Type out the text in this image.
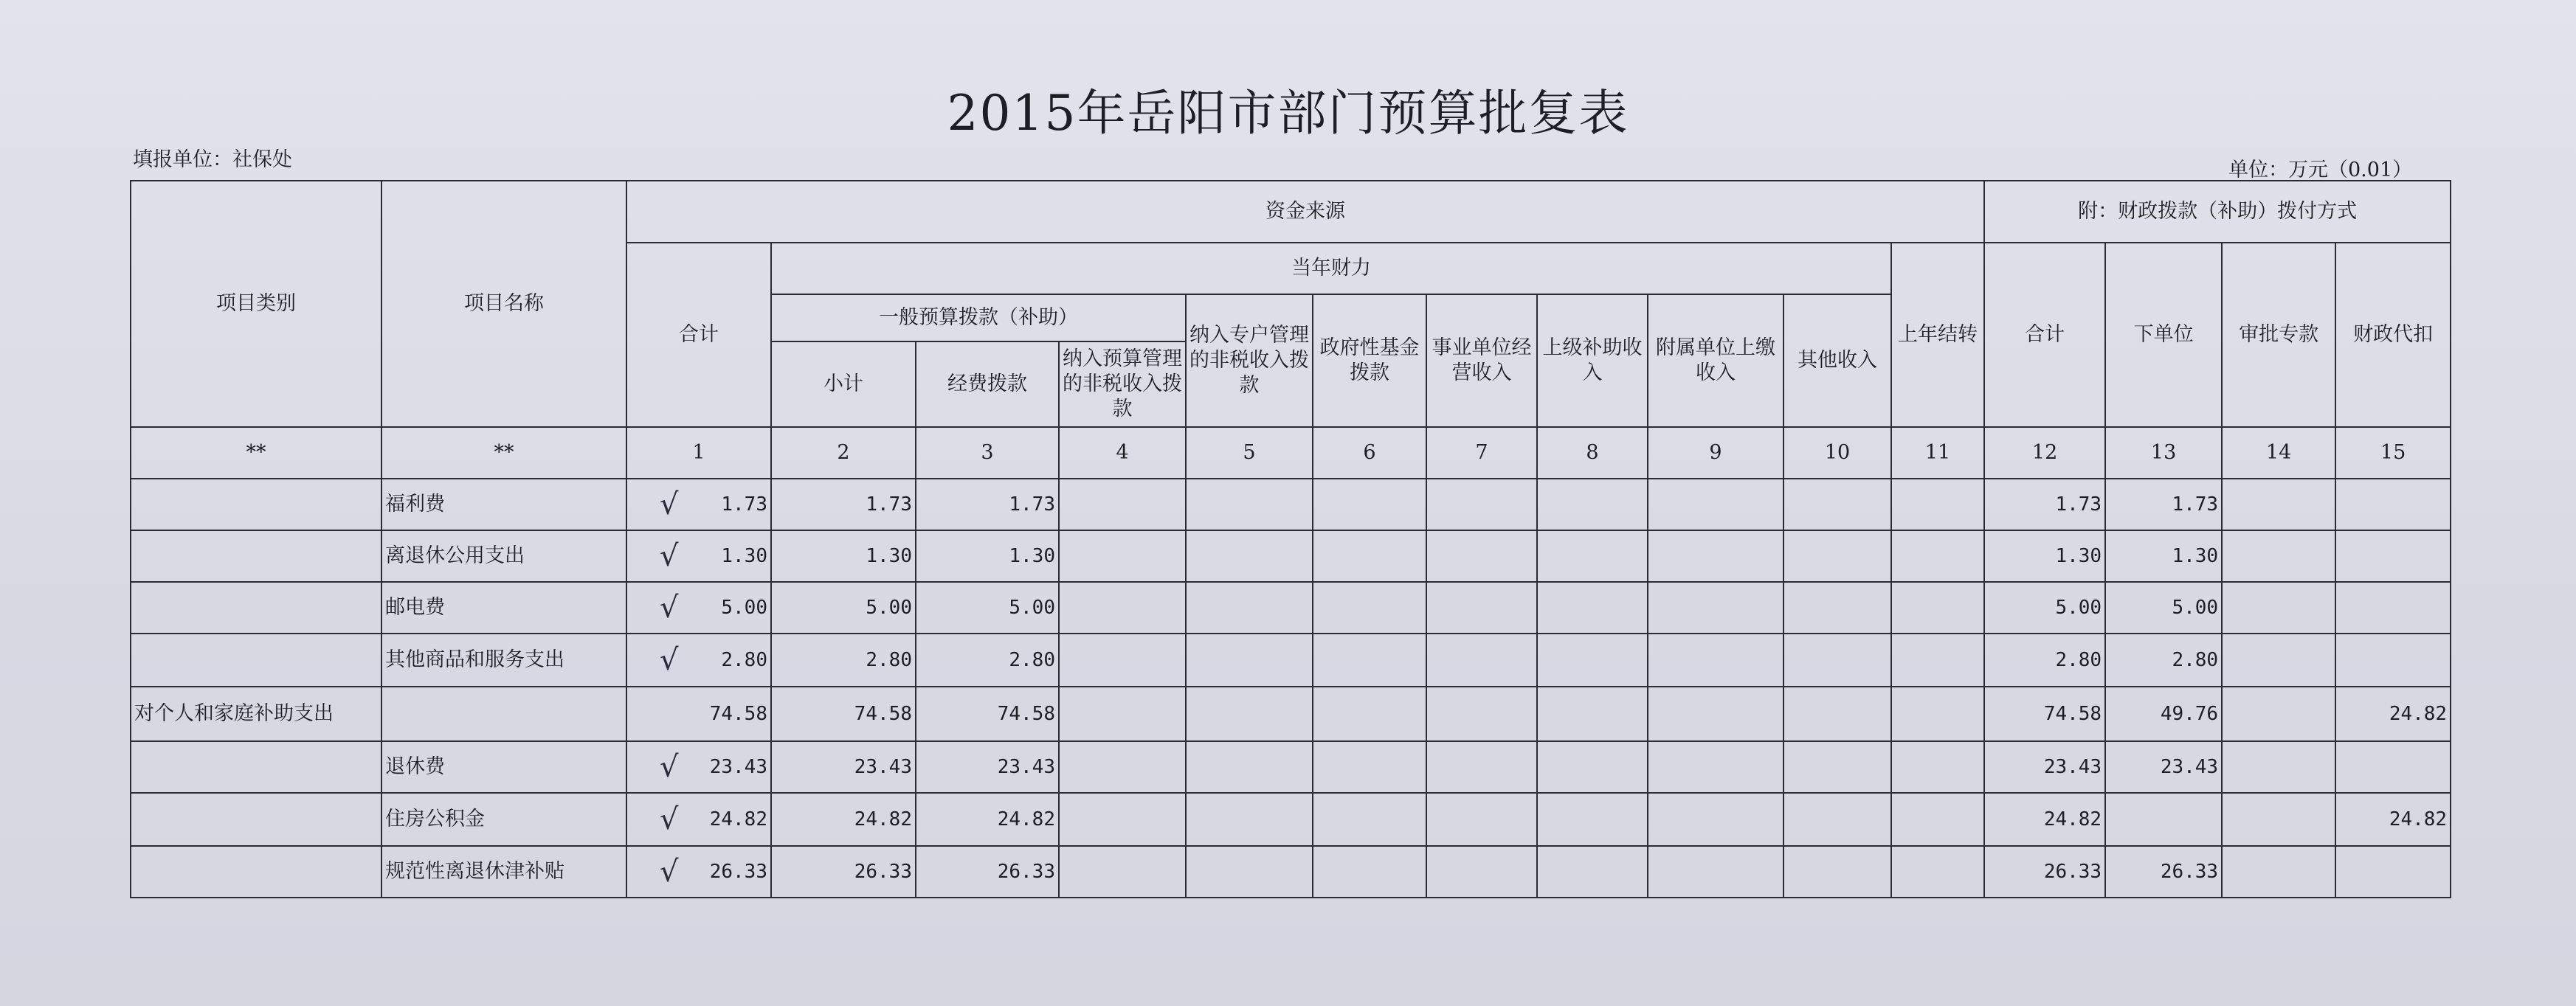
2015年岳阳市部门预算批复表
填报单位：社保处	单位：万元（0.01）
项目类别	项目名称	资金来源											附：财政拨款（补助）拨付方式			
		合计	当年财力									上年结转	合计	下单位	审批专款	财政代扣
			一般预算拨款（补助）			纳入专户管理的非税收入拨款	政府性基金拨款	事业单位经营收入	上级补助收入	附属单位上缴收入	其他收入					
			小计	经费拨款	纳入预算管理的非税收入拨款											
**	**	1	2	3	4	5	6	7	8	9	10	11	12	13	14	15
	福利费	√ 1.73	1.73	1.73									1.73	1.73		
	离退休公用支出	√ 1.30	1.30	1.30									1.30	1.30		
	邮电费	√ 5.00	5.00	5.00									5.00	5.00		
	其他商品和服务支出	√ 2.80	2.80	2.80									2.80	2.80		
对个人和家庭补助支出		74.58	74.58	74.58									74.58	49.76		24.82
	退休费	√ 23.43	23.43	23.43									23.43	23.43		
	住房公积金	√ 24.82	24.82	24.82									24.82			24.82
	规范性离退休津补贴	√ 26.33	26.33	26.33									26.33	26.33		
